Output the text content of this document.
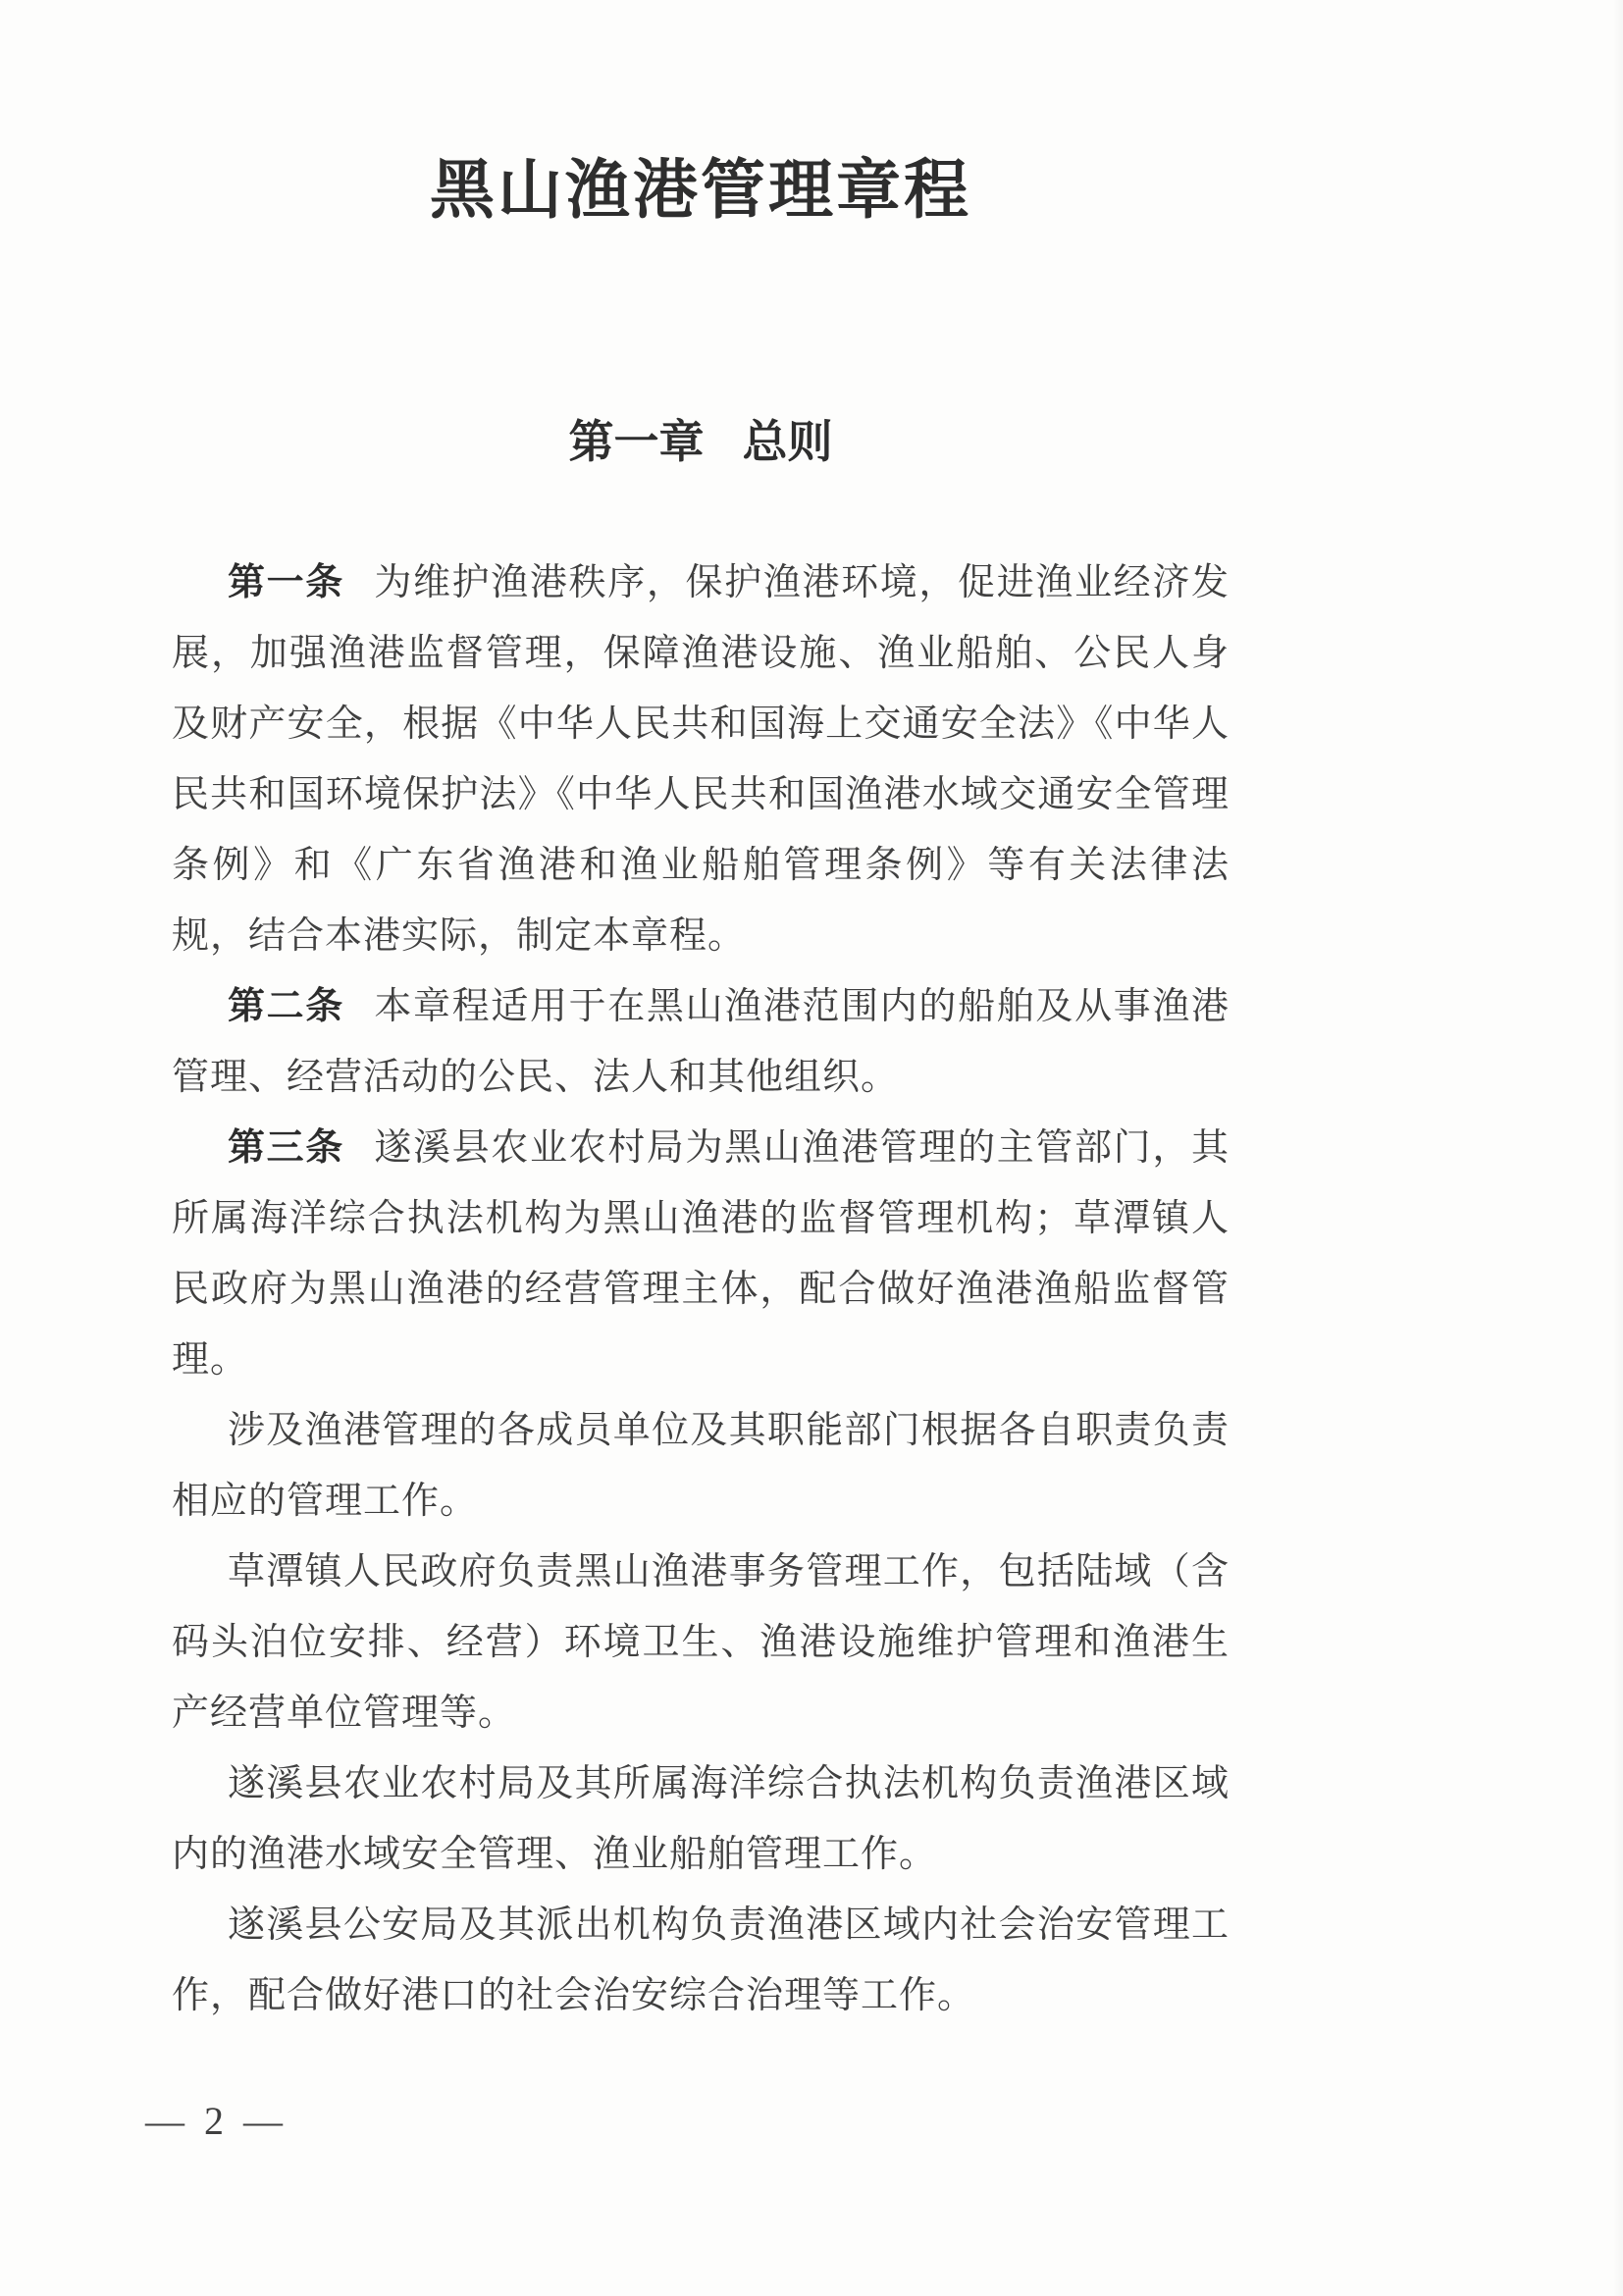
黑山渔港管理章程
第一章 总则

第一条 为维护渔港秩序，保护渔港环境，促进渔业经济发展，加强渔港监督管理，保障渔港设施、渔业船舶、公民人身及财产安全，根据《中华人民共和国海上交通安全法》《中华人民共和国环境保护法》《中华人民共和国渔港水域交通安全管理条例》和《广东省渔港和渔业船舶管理条例》等有关法律法规，结合本港实际，制定本章程。

第二条 本章程适用于在黑山渔港范围内的船舶及从事渔港管理、经营活动的公民、法人和其他组织。

第三条 遂溪县农业农村局为黑山渔港管理的主管部门，其所属海洋综合执法机构为黑山渔港的监督管理机构；草潭镇人民政府为黑山渔港的经营管理主体，配合做好渔港渔船监督管理。

涉及渔港管理的各成员单位及其职能部门根据各自职责负责相应的管理工作。

草潭镇人民政府负责黑山渔港事务管理工作，包括陆域（含码头泊位安排、经营）环境卫生、渔港设施维护管理和渔港生产经营单位管理等。

遂溪县农业农村局及其所属海洋综合执法机构负责渔港区域内的渔港水域安全管理、渔业船舶管理工作。

遂溪县公安局及其派出机构负责渔港区域内社会治安管理工作，配合做好港口的社会治安综合治理等工作。

— 2 —
